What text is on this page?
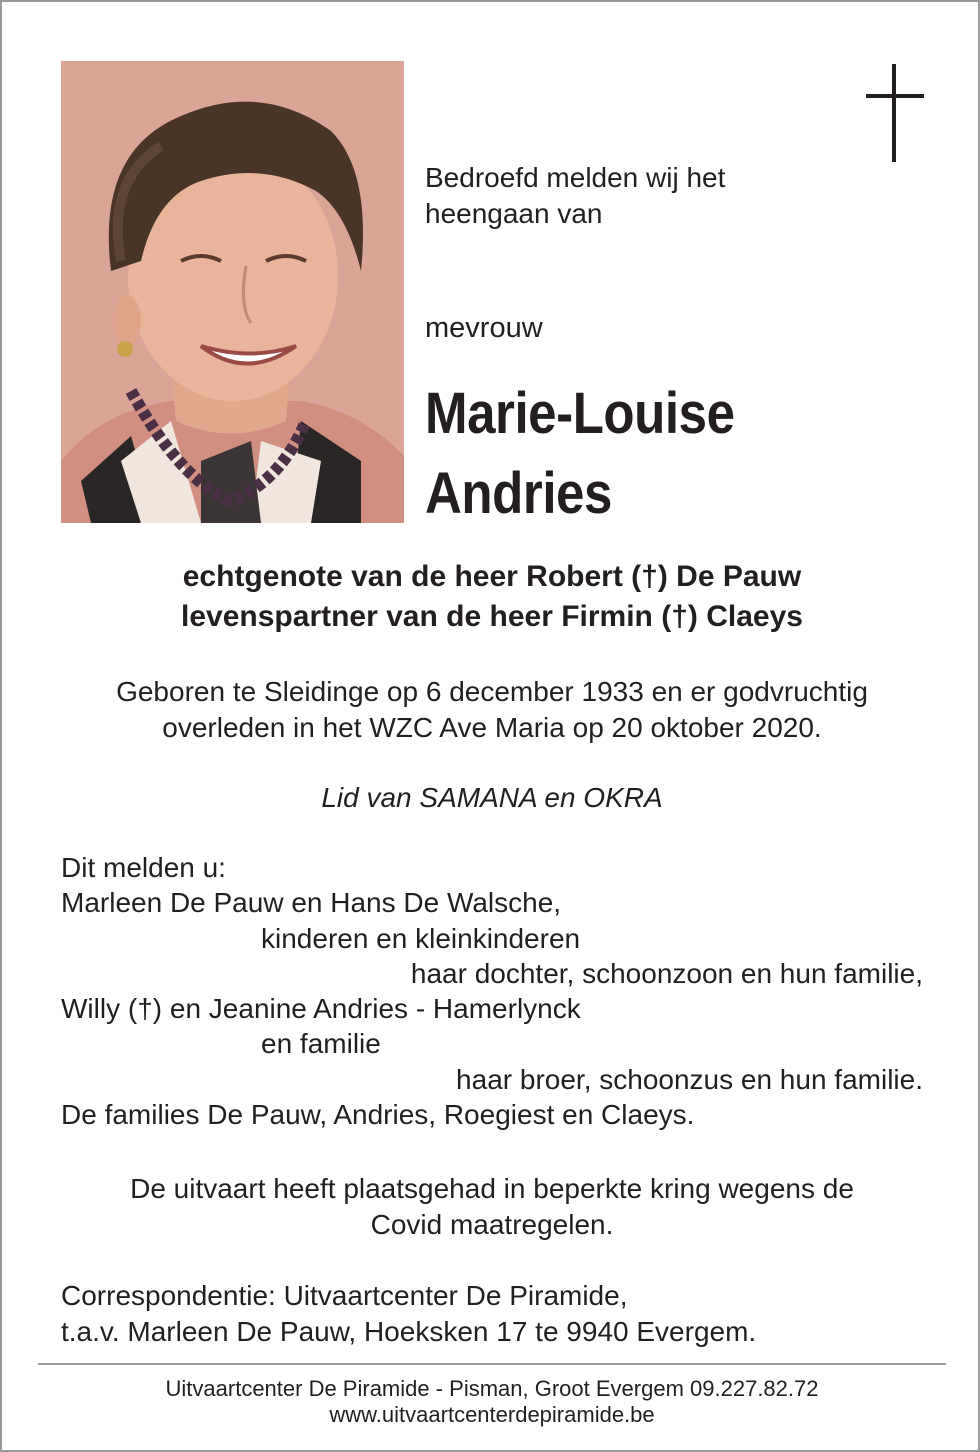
Bedroefd melden wij het
heengaan van
mevrouw
Marie-Louise
Andries
echtgenote van de heer Robert (†) De Pauw
levenspartner van de heer Firmin (†) Claeys
Geboren te Sleidinge op 6 december 1933 en er godvruchtig
overleden in het WZC Ave Maria op 20 oktober 2020.
Lid van SAMANA en OKRA
Dit melden u:
Marleen De Pauw en Hans De Walsche,
kinderen en kleinkinderen
haar dochter, schoonzoon en hun familie,
Willy (†) en Jeanine Andries - Hamerlynck
en familie
haar broer, schoonzus en hun familie.
De families De Pauw, Andries, Roegiest en Claeys.
De uitvaart heeft plaatsgehad in beperkte kring wegens de
Covid maatregelen.
Correspondentie: Uitvaartcenter De Piramide,
t.a.v. Marleen De Pauw, Hoeksken 17 te 9940 Evergem.
Uitvaartcenter De Piramide - Pisman, Groot Evergem 09.227.82.72
www.uitvaartcenterdepiramide.be
